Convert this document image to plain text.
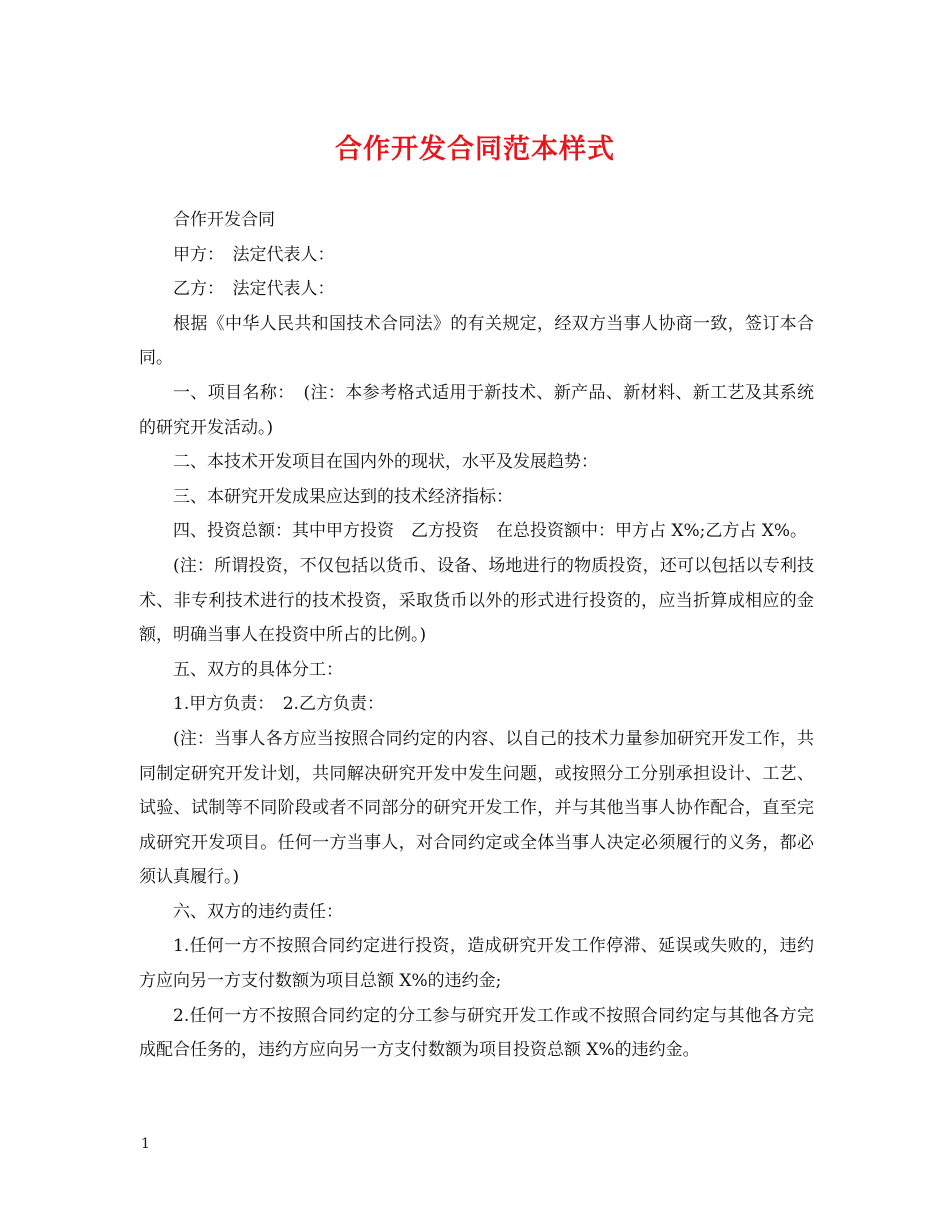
合作开发合同范本样式

合作开发合同

甲方：　法定代表人：

乙方：　法定代表人：

根据《中华人民共和国技术合同法》的有关规定，经双方当事人协商一致，签订本合同。

一、项目名称：　(注：本参考格式适用于新技术、新产品、新材料、新工艺及其系统的研究开发活动。)

二、本技术开发项目在国内外的现状，水平及发展趋势：

三、本研究开发成果应达到的技术经济指标：

四、投资总额：其中甲方投资　乙方投资　在总投资额中：甲方占 X%;乙方占 X%。

(注：所谓投资，不仅包括以货币、设备、场地进行的物质投资，还可以包括以专利技术、非专利技术进行的技术投资，采取货币以外的形式进行投资的，应当折算成相应的金额，明确当事人在投资中所占的比例。)

五、双方的具体分工：

1.甲方负责：　2.乙方负责：

(注：当事人各方应当按照合同约定的内容、以自己的技术力量参加研究开发工作，共同制定研究开发计划，共同解决研究开发中发生问题，或按照分工分别承担设计、工艺、试验、试制等不同阶段或者不同部分的研究开发工作，并与其他当事人协作配合，直至完成研究开发项目。任何一方当事人，对合同约定或全体当事人决定必须履行的义务，都必须认真履行。)

六、双方的违约责任：

1.任何一方不按照合同约定进行投资，造成研究开发工作停滞、延误或失败的，违约方应向另一方支付数额为项目总额 X%的违约金;

2.任何一方不按照合同约定的分工参与研究开发工作或不按照合同约定与其他各方完成配合任务的，违约方应向另一方支付数额为项目投资总额 X%的违约金。

1
